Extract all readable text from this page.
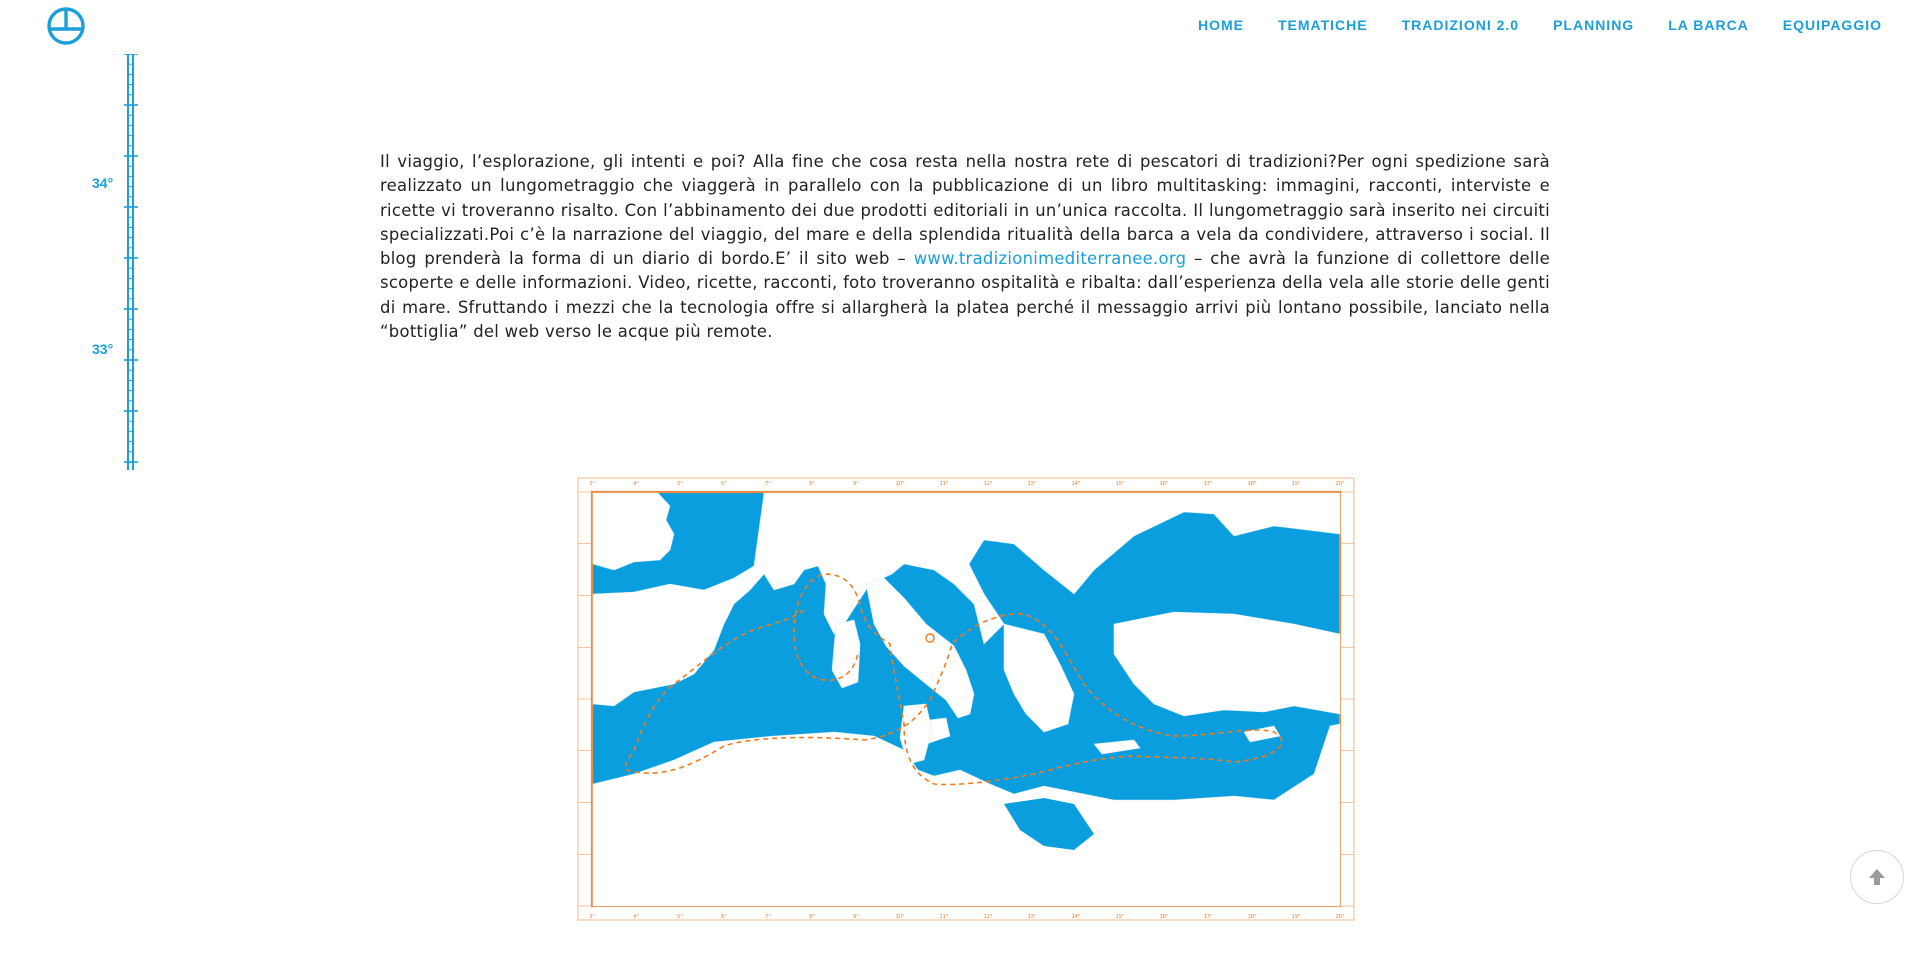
HOME TEMATICHE TRADIZIONI 2.0 PLANNING LA BARCA EQUIPAGGIO
34°
33°

Il viaggio, l’esplorazione, gli intenti e poi? Alla fine che cosa resta nella nostra rete di pescatori di tradizioni?Per ogni spedizione sarà realizzato un lungometraggio che viaggerà in parallelo con la pubblicazione di un libro multitasking: immagini, racconti, interviste e ricette vi troveranno risalto. Con l’abbinamento dei due prodotti editoriali in un’unica raccolta. Il lungometraggio sarà inserito nei circuiti specializzati.Poi c’è la narrazione del viaggio, del mare e della splendida ritualità della barca a vela da condividere, attraverso i social. Il blog prenderà la forma di un diario di bordo.E’ il sito web – www.tradizionimediterranee.org – che avrà la funzione di collettore delle scoperte e delle informazioni. Video, ricette, racconti, foto troveranno ospitalità e ribalta: dall’esperienza della vela alle storie delle genti di mare. Sfruttando i mezzi che la tecnologia offre si allargherà la platea perché il messaggio arrivi più lontano possibile, lanciato nella “bottiglia” del web verso le acque più remote.

3°
3°
4°
4°
5°
5°
6°
6°
7°
7°
8°
8°
9°
9°
10°
10°
11°
11°
12°
12°
13°
13°
14°
14°
15°
15°
16°
16°
17°
17°
18°
18°
19°
19°
20°
20°
